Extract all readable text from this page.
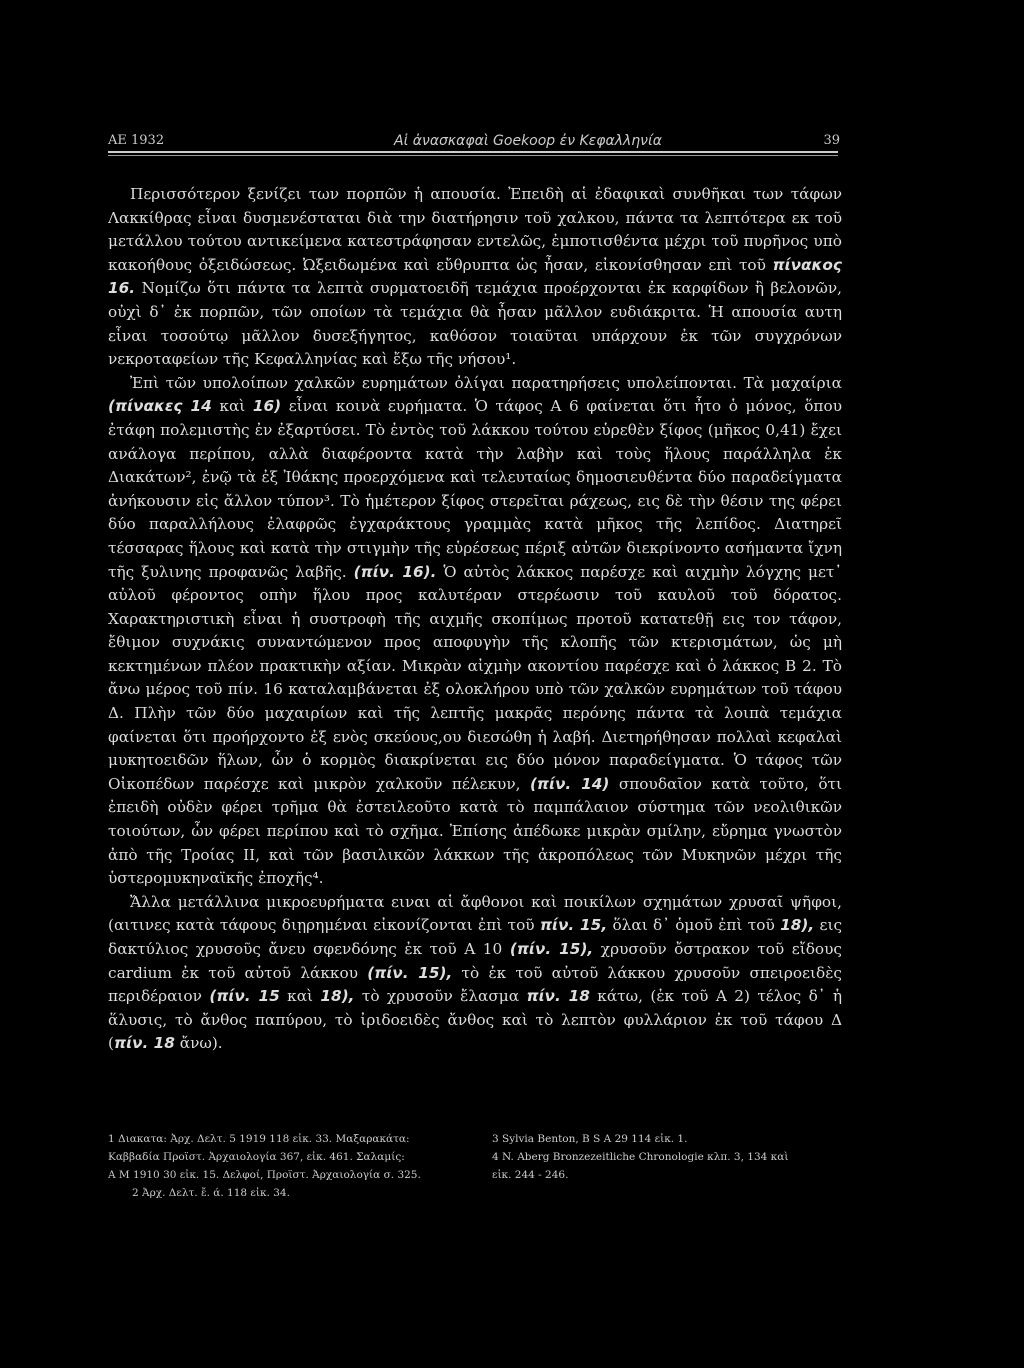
ΑΕ 1932	Αἱ ἀνασκαφαὶ Goekoop ἐν Κεφαλληνία	39

Περισσότερον ξενίζει των πορπῶν ἡ απουσία. Ἐπειδὴ αἱ ἐδαφικαὶ συνθῆκαι των τάφων Λακκίθρας εἶναι δυσμενέσταται διὰ την διατήρησιν τοῦ χαλκου, πάντα τα λεπτότερα εκ τοῦ μετάλλου τούτου αντικείμενα κατεστράφησαν εντελῶς, ἐμποτισθέντα μέχρι τοῦ πυρῆνος υπὸ κακοήθους ὀξειδώσεως. Ὠξειδωμένα καὶ εὔθρυπτα ὡς ἦσαν, εἰκονίσθησαν επὶ τοῦ πίνακος 16. Νομίζω ὅτι πάντα τα λεπτὰ συρματοειδῆ τεμάχια προέρχονται ἐκ καρφίδων ἢ βελονῶν, οὐχὶ δ᾿ ἐκ πορπῶν, τῶν οποίων τὰ τεμάχια θὰ ἦσαν μᾶλλον ευδιάκριτα. Ἡ απουσία αυτη εἶναι τοσούτῳ μᾶλλον δυσεξήγητος, καθόσον τοιαῦται υπάρχουν ἐκ τῶν συγχρόνων νεκροταφείων τῆς Κεφαλληνίας καὶ ἔξω τῆς νήσου¹.

Ἐπὶ τῶν υπολοίπων χαλκῶν ευρημάτων ὀλίγαι παρατηρήσεις υπολείπονται. Τὰ μαχαίρια (πίνακες 14 καὶ 16) εἶναι κοινὰ ευρήματα. Ὁ τάφος Α 6 φαίνεται ὅτι ἦτο ὁ μόνος, ὅπου ἐτάφη πολεμιστὴς ἐν ἐξαρτύσει. Τὸ ἐντὸς τοῦ λάκκου τούτου εὑρεθὲν ξίφος (μῆκος 0,41) ἔχει ανάλογα περίπου, αλλὰ διαφέροντα κατὰ τὴν λαβὴν καὶ τοὺς ἥλους παράλληλα ἐκ Διακάτων², ἐνῷ τὰ ἐξ Ἰθάκης προερχόμενα καὶ τελευταίως δημοσιευθέντα δύο παραδείγματα ἀνήκουσιν εἰς ἄλλον τύπον³. Τὸ ἡμέτερον ξίφος στερεῖται ράχεως, εις δὲ τὴν θέσιν της φέρει δύο παραλλήλους ἐλαφρῶς ἐγχαράκτους γραμμὰς κατὰ μῆκος τῆς λεπίδος. Διατηρεῖ τέσσαρας ἥλους καὶ κατὰ τὴν στιγμὴν τῆς εὑρέσεως πέριξ αὐτῶν διεκρίνοντο ασήμαντα ἴχνη τῆς ξυλινης προφανῶς λαβῆς. (πίν. 16). Ὁ αὐτὸς λάκκος παρέσχε καὶ αιχμὴν λόγχης μετ᾿ αὐλοῦ φέροντος οπὴν ἥλου προς καλυτέραν στερέωσιν τοῦ καυλοῦ τοῦ δόρατος. Χαρακτηριστικὴ εἶναι ἡ συστροφὴ τῆς αιχμῆς σκοπίμως προτοῦ κατατεθῇ εις τον τάφον, ἔθιμον συχνάκις συναντώμενον προς αποφυγὴν τῆς κλοπῆς τῶν κτερισμάτων, ὡς μὴ κεκτημένων πλέον πρακτικὴν αξίαν. Μικρὰν αἰχμὴν ακοντίου παρέσχε καὶ ὁ λάκκος Β 2. Τὸ ἄνω μέρος τοῦ πίν. 16 καταλαμβάνεται ἐξ ολοκλήρου υπὸ τῶν χαλκῶν ευρημάτων τοῦ τάφου Δ. Πλὴν τῶν δύο μαχαιρίων καὶ τῆς λεπτῆς μακρᾶς περόνης πάντα τὰ λοιπὰ τεμάχια φαίνεται ὅτι προήρχοντο ἐξ ενὸς σκεύους,ου διεσώθη ἡ λαβή. Διετηρήθησαν πολλαὶ κεφαλαὶ μυκητοειδῶν ἥλων, ὧν ὁ κορμὸς διακρίνεται εις δύο μόνον παραδείγματα. Ὁ τάφος τῶν Οἰκοπέδων παρέσχε καὶ μικρὸν χαλκοῦν πέλεκυν, (πίν. 14) σπουδαῖον κατὰ τοῦτο, ὅτι ἐπειδὴ οὐδὲν φέρει τρῆμα θὰ ἐστειλεοῦτο κατὰ τὸ παμπάλαιον σύστημα τῶν νεολιθικῶν τοιούτων, ὧν φέρει περίπου καὶ τὸ σχῆμα. Ἐπίσης ἀπέδωκε μικρὰν σμίλην, εὔρημα γνωστὸν ἀπὸ τῆς Τροίας ΙΙ, καὶ τῶν βασιλικῶν λάκκων τῆς ἀκροπόλεως τῶν Μυκηνῶν μέχρι τῆς ὑστερομυκηναϊκῆς ἐποχῆς⁴.

Ἄλλα μετάλλινα μικροευρήματα ειναι αἱ ἄφθονοι καὶ ποικίλων σχημάτων χρυσαῖ ψῆφοι, (αιτινες κατὰ τάφους διῃρημέναι εἰκονίζονται ἐπὶ τοῦ πίν. 15, ὅλαι δ᾿ ὁμοῦ ἐπὶ τοῦ 18), εις δακτύλιος χρυσοῦς ἄνευ σφενδόνης ἐκ τοῦ Α 10 (πίν. 15), χρυσοῦν ὄστρακον τοῦ εἴδους cardium ἐκ τοῦ αὐτοῦ λάκκου (πίν. 15), τὸ ἐκ τοῦ αὐτοῦ λάκκου χρυσοῦν σπειροειδὲς περιδέραιον (πίν. 15 καὶ 18), τὸ χρυσοῦν ἔλασμα πίν. 18 κάτω, (ἐκ τοῦ Α 2) τέλος δ᾿ ἡ ἅλυσις, τὸ ἄνθος παπύρου, τὸ ἰριδοειδὲς ἄνθος καὶ τὸ λεπτὸν φυλλάριον ἐκ τοῦ τάφου Δ (πίν. 18 ἄνω).

1 Διακατα: Ἀρχ. Δελτ. 5 1919 118 εἰκ. 33. Μαξαρακάτα:
Καββαδία Προϊστ. Ἀρχαιολογία 367, εἰκ. 461. Σαλαμίς:
Α Μ 1910 30 εἰκ. 15. Δελφοί, Προϊστ. Ἀρχαιολογία σ. 325.
2 Ἀρχ. Δελτ. ἔ. ά. 118 εἰκ. 34.
3 Sylvia Benton, B S A 29 114 εἰκ. 1.
4 N. Aberg Bronzezeitliche Chronologie κλπ. 3, 134 καὶ
εἰκ. 244 - 246.
